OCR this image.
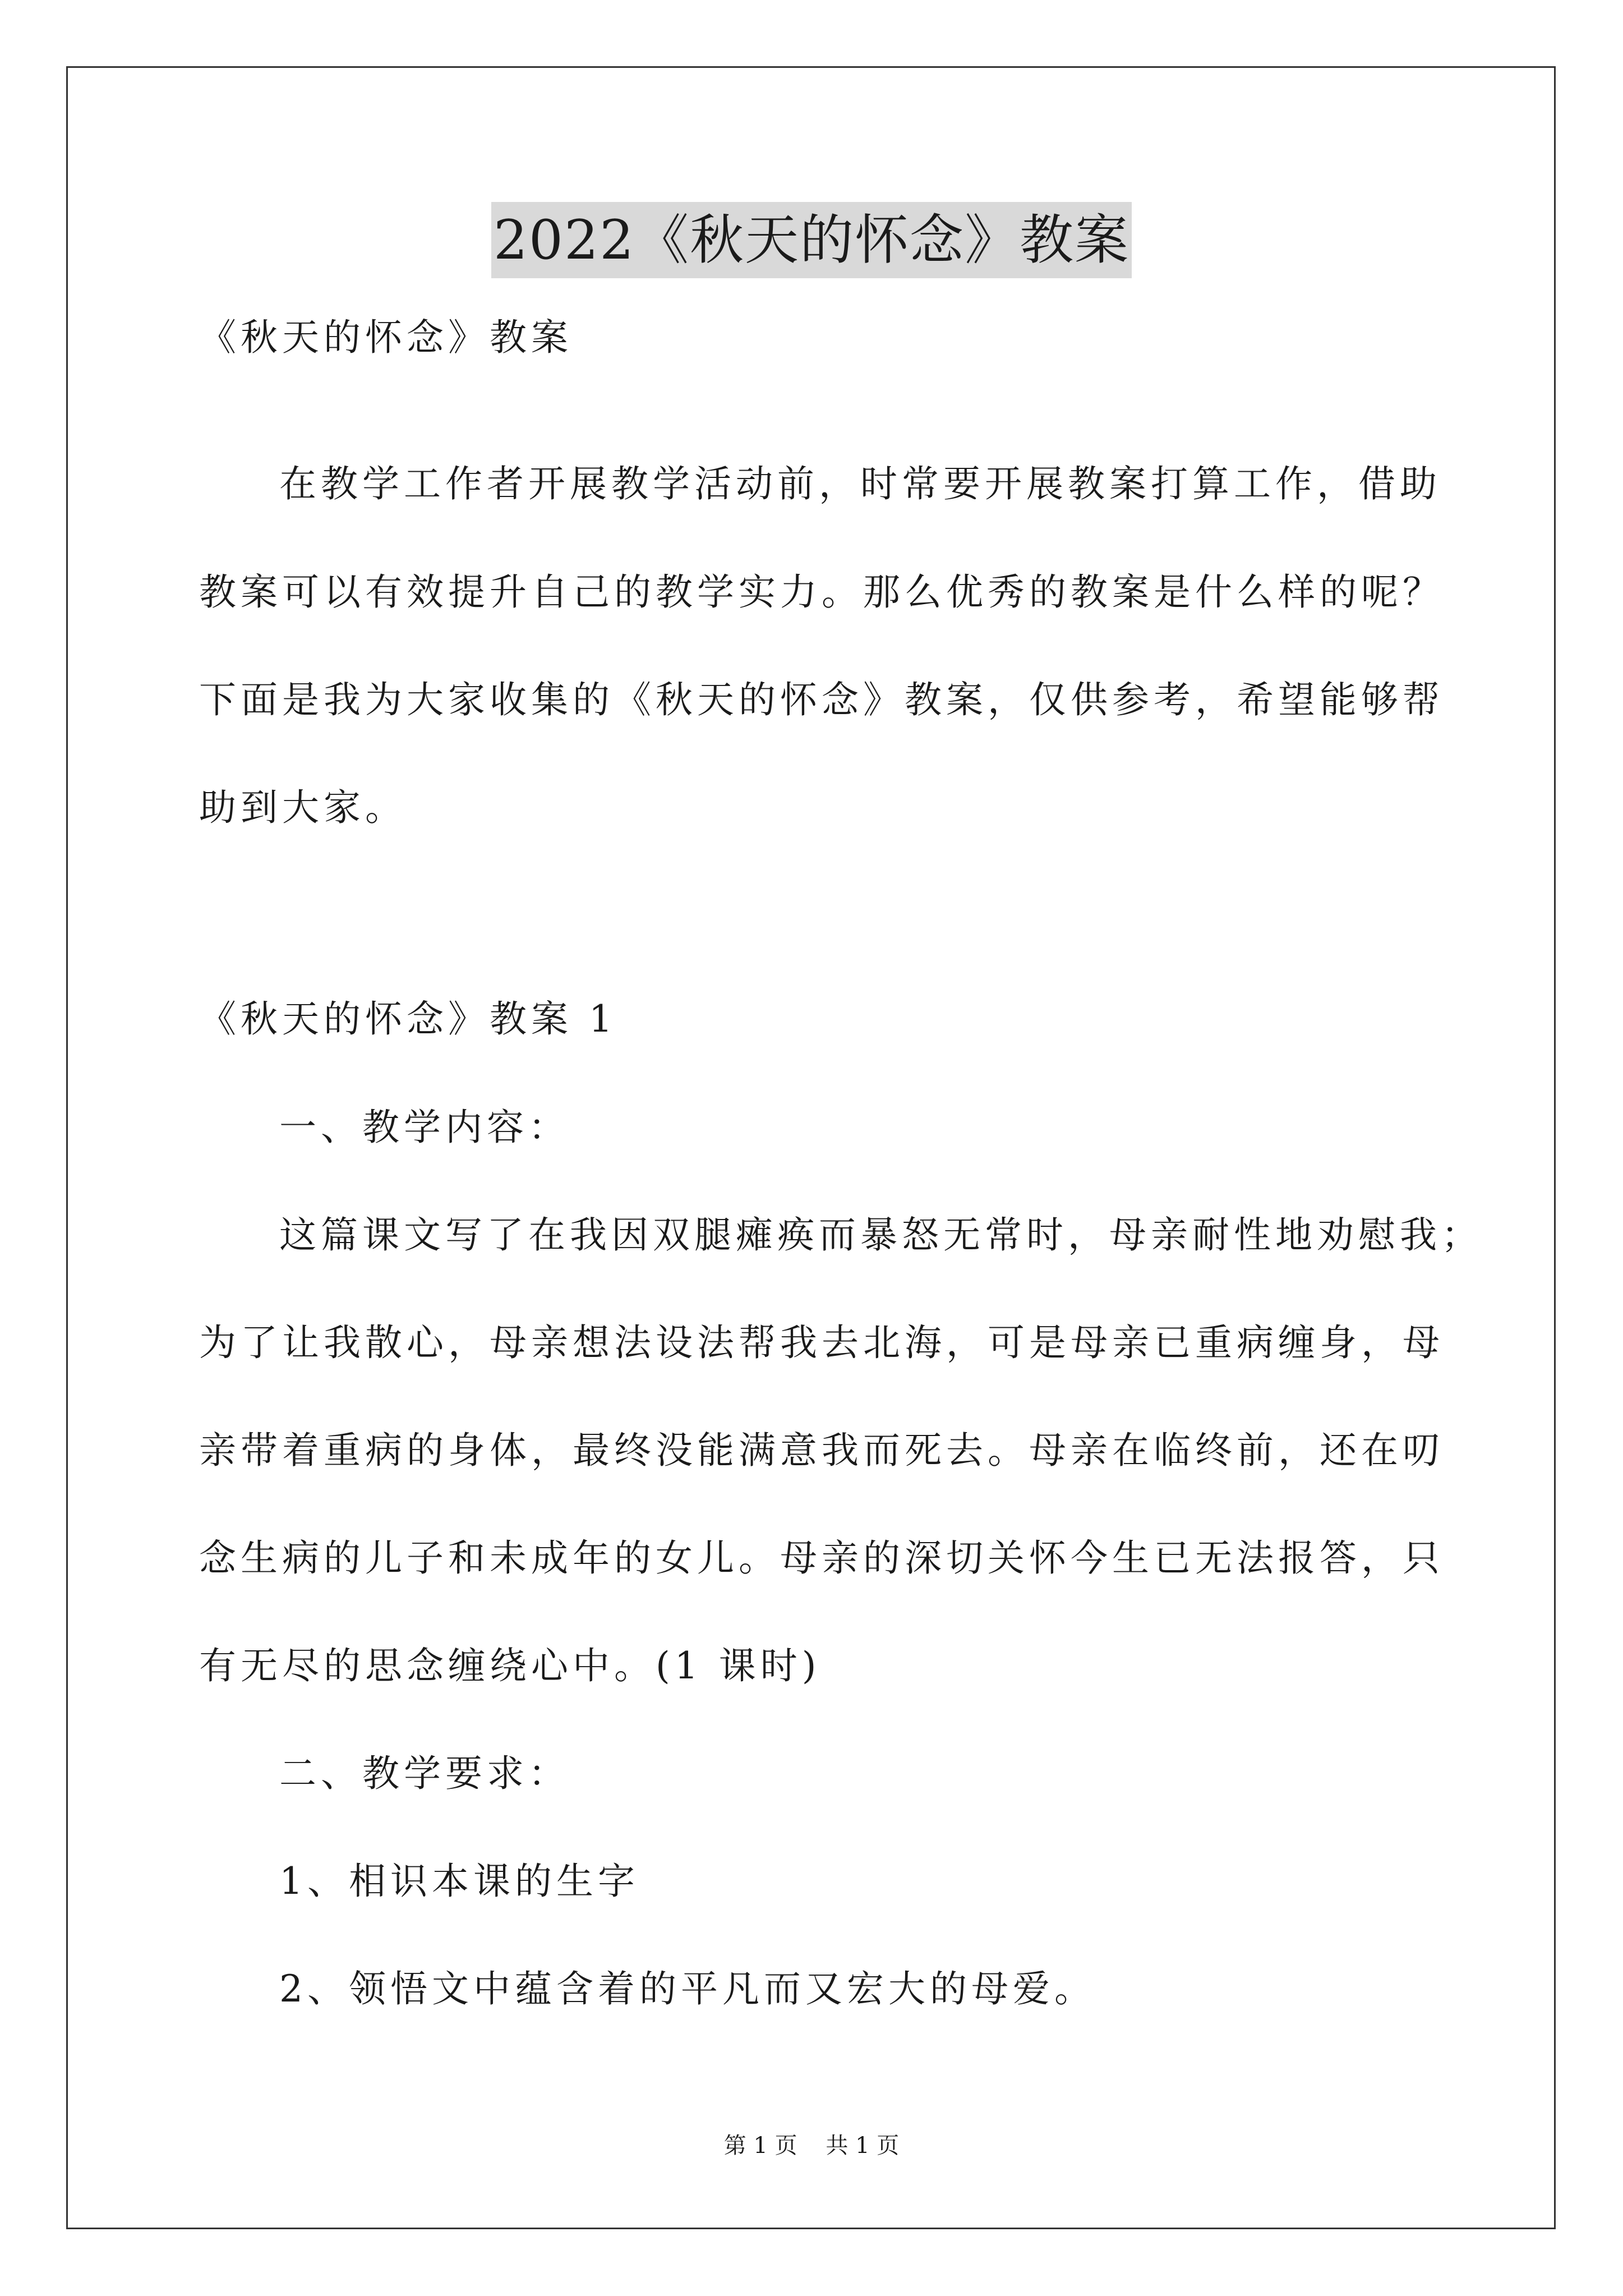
2022《秋天的怀念》教案
《秋天的怀念》教案
在教学工作者开展教学活动前，时常要开展教案打算工作，借助
教案可以有效提升自己的教学实力。那么优秀的教案是什么样的呢？
下面是我为大家收集的《秋天的怀念》教案，仅供参考，希望能够帮
助到大家。
《秋天的怀念》教案 1
一、教学内容：
这篇课文写了在我因双腿瘫痪而暴怒无常时，母亲耐性地劝慰我；
为了让我散心，母亲想法设法帮我去北海，可是母亲已重病缠身，母
亲带着重病的身体，最终没能满意我而死去。母亲在临终前，还在叨
念生病的儿子和未成年的女儿。母亲的深切关怀今生已无法报答，只
有无尽的思念缠绕心中。(1 课时)
二、教学要求：
1、相识本课的生字
2、领悟文中蕴含着的平凡而又宏大的母爱。
第 1 页    共 1 页
